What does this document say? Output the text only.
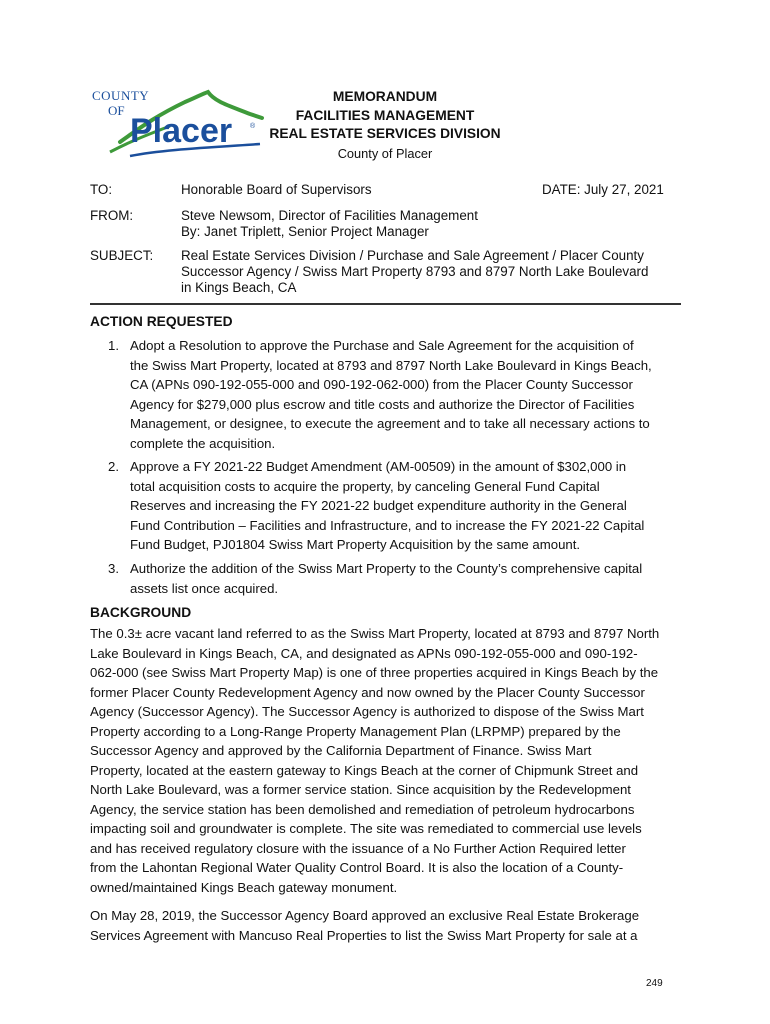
COUNTY
OF
Placer	®
MEMORANDUM
FACILITIES MANAGEMENT
REAL ESTATE SERVICES DIVISION
County of Placer
TO:	Honorable Board of Supervisors	DATE: July 27, 2021
FROM:	Steve Newsom, Director of Facilities Management
By: Janet Triplett, Senior Project Manager
SUBJECT:	Real Estate Services Division / Purchase and Sale Agreement / Placer County
Successor Agency / Swiss Mart Property 8793 and 8797 North Lake Boulevard
in Kings Beach, CA
ACTION REQUESTED
1. Adopt a Resolution to approve the Purchase and Sale Agreement for the acquisition of
the Swiss Mart Property, located at 8793 and 8797 North Lake Boulevard in Kings Beach,
CA (APNs 090-192-055-000 and 090-192-062-000) from the Placer County Successor
Agency for $279,000 plus escrow and title costs and authorize the Director of Facilities
Management, or designee, to execute the agreement and to take all necessary actions to
complete the acquisition.
2. Approve a FY 2021-22 Budget Amendment (AM-00509) in the amount of $302,000 in
total acquisition costs to acquire the property, by canceling General Fund Capital
Reserves and increasing the FY 2021-22 budget expenditure authority in the General
Fund Contribution – Facilities and Infrastructure, and to increase the FY 2021-22 Capital
Fund Budget, PJ01804 Swiss Mart Property Acquisition by the same amount.
3. Authorize the addition of the Swiss Mart Property to the County’s comprehensive capital
assets list once acquired.
BACKGROUND
The 0.3± acre vacant land referred to as the Swiss Mart Property, located at 8793 and 8797 North
Lake Boulevard in Kings Beach, CA, and designated as APNs 090-192-055-000 and 090-192-
062-000 (see Swiss Mart Property Map) is one of three properties acquired in Kings Beach by the
former Placer County Redevelopment Agency and now owned by the Placer County Successor
Agency (Successor Agency). The Successor Agency is authorized to dispose of the Swiss Mart
Property according to a Long-Range Property Management Plan (LRPMP) prepared by the
Successor Agency and approved by the California Department of Finance. Swiss Mart
Property, located at the eastern gateway to Kings Beach at the corner of Chipmunk Street and
North Lake Boulevard, was a former service station. Since acquisition by the Redevelopment
Agency, the service station has been demolished and remediation of petroleum hydrocarbons
impacting soil and groundwater is complete. The site was remediated to commercial use levels
and has received regulatory closure with the issuance of a No Further Action Required letter
from the Lahontan Regional Water Quality Control Board. It is also the location of a County-
owned/maintained Kings Beach gateway monument.
On May 28, 2019, the Successor Agency Board approved an exclusive Real Estate Brokerage
Services Agreement with Mancuso Real Properties to list the Swiss Mart Property for sale at a
249
